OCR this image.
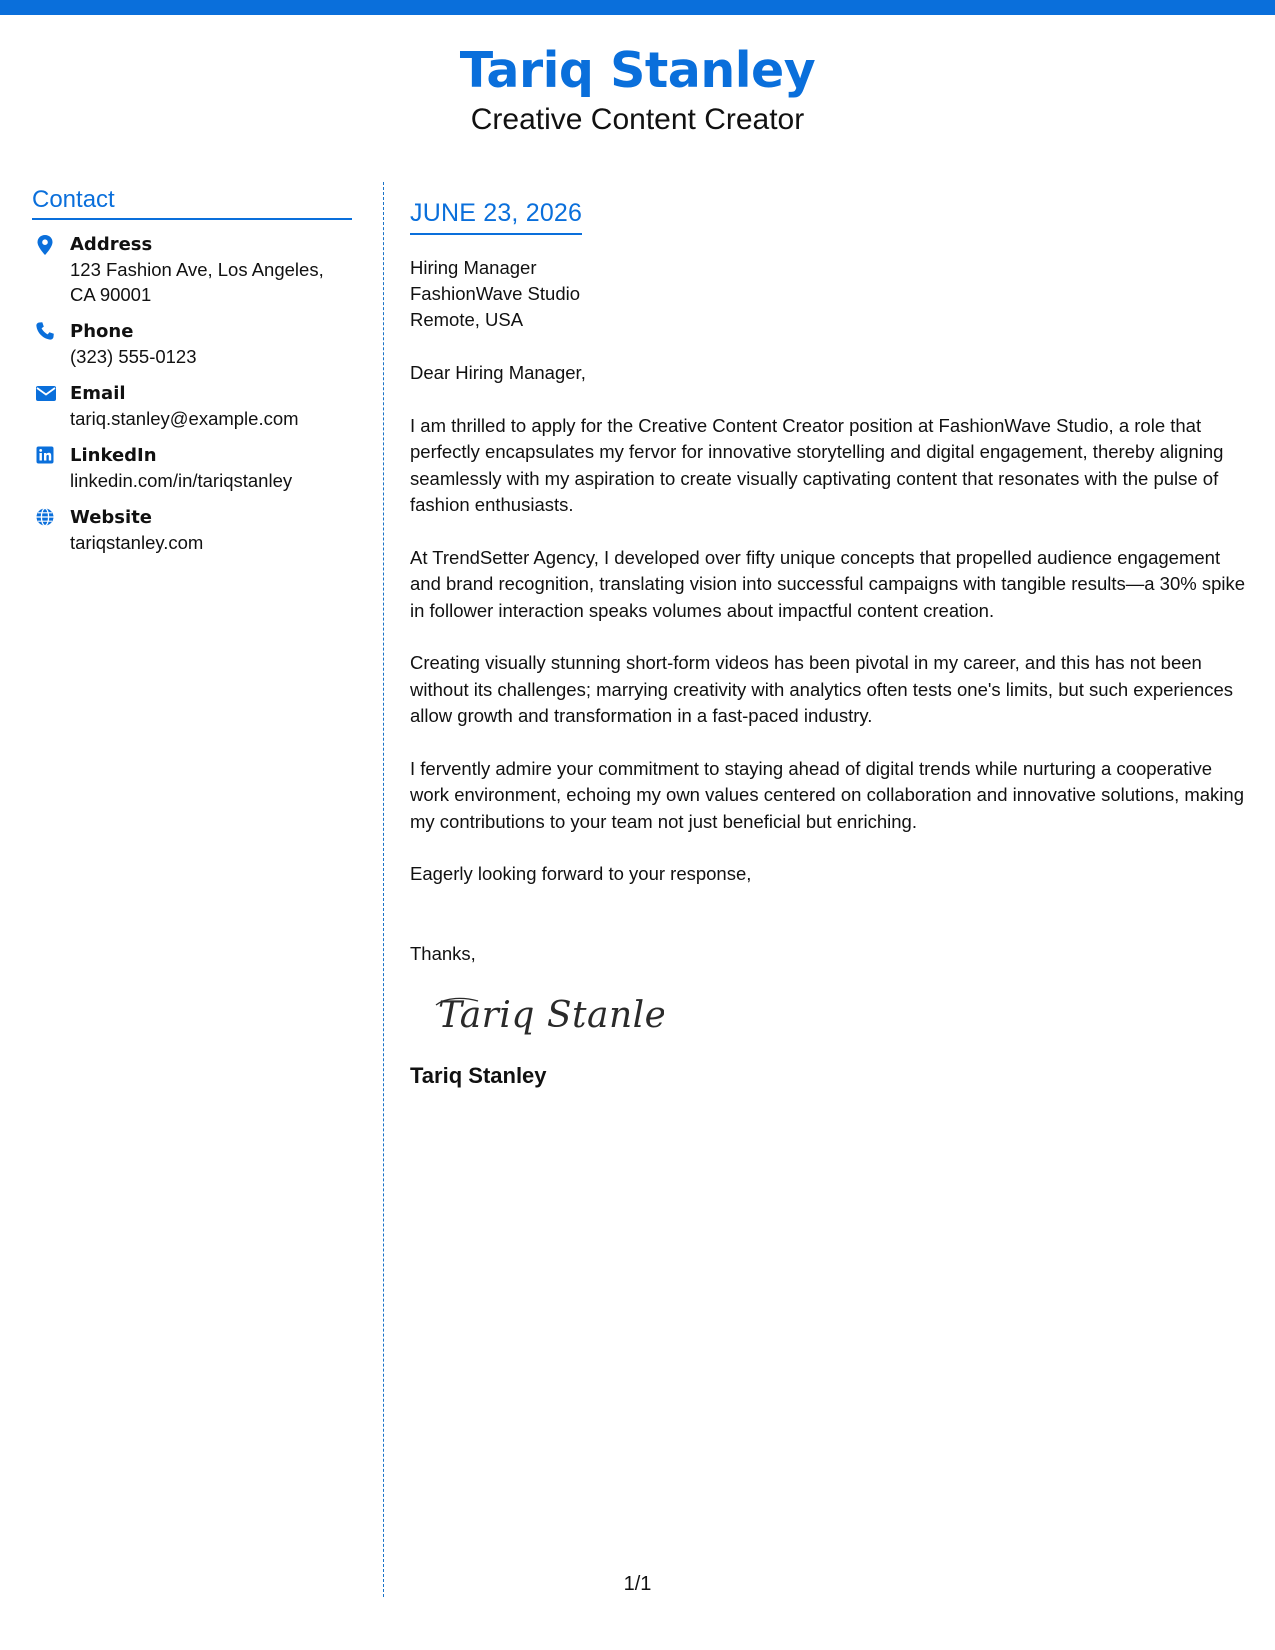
Tariq Stanley
Creative Content Creator
Contact
Address
123 Fashion Ave, Los Angeles,
CA 90001
Phone
(323) 555-0123
Email
tariq.stanley@example.com
LinkedIn
linkedin.com/in/tariqstanley
Website
tariqstanley.com
JUNE 23, 2026
Hiring Manager
FashionWave Studio
Remote, USA
Dear Hiring Manager,
I am thrilled to apply for the Creative Content Creator position at FashionWave Studio, a role that perfectly encapsulates my fervor for innovative storytelling and digital engagement, thereby aligning seamlessly with my aspiration to create visually captivating content that resonates with the pulse of fashion enthusiasts.
At TrendSetter Agency, I developed over fifty unique concepts that propelled audience engagement and brand recognition, translating vision into successful campaigns with tangible results—a 30% spike in follower interaction speaks volumes about impactful content creation.
Creating visually stunning short-form videos has been pivotal in my career, and this has not been without its challenges; marrying creativity with analytics often tests one's limits, but such experiences allow growth and transformation in a fast-paced industry.
I fervently admire your commitment to staying ahead of digital trends while nurturing a cooperative work environment, echoing my own values centered on collaboration and innovative solutions, making my contributions to your team not just beneficial but enriching.
Eagerly looking forward to your response,
Thanks,
Tariq Stanley
Tariq Stanley
1/1
